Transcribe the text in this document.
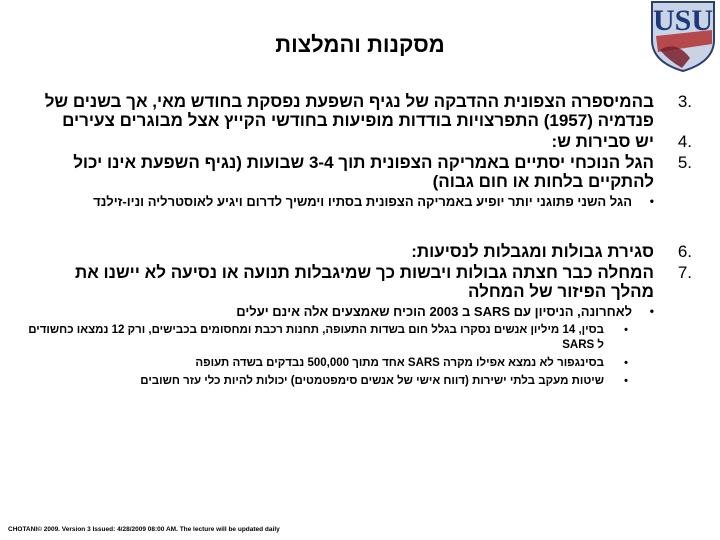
USU
מסקנות והמלצות
3.
בהמיספרה הצפונית ההדבקה של נגיף השפעת נפסקת בחודש מאי, אך בשנים של פנדמיה (1957) התפרצויות בודדות מופיעות בחודשי הקייץ אצל מבוגרים צעירים
4.
יש סבירות ש:
5.
הגל הנוכחי יסתיים באמריקה הצפונית תוך 3-4 שבועות (נגיף השפעת אינו יכול להתקיים בלחות או חום גבוה)
•
הגל השני פתוגני יותר יופיע באמריקה הצפונית בסתיו וימשיך לדרום ויגיע לאוסטרליה וניו-זילנד
6.
סגירת גבולות ומגבלות לנסיעות:
7.
המחלה כבר חצתה גבולות ויבשות כך שמיגבלות תנועה או נסיעה לא יישנו את מהלך הפיזור של המחלה
•
לאחרונה, הניסיון עם SARS ב 2003 הוכיח שאמצעים אלה אינם יעלים
•
בסין, 14 מיליון אנשים נסקרו בגלל חום בשדות התעופה, תחנות רכבת ומחסומים בכבישים, ורק 12 נמצאו כחשודים ל SARS
•
בסינגפור לא נמצא אפילו מקרה SARS אחד מתוך 500,000 נבדקים בשדה תעופה
•
שיטות מעקב בלתי ישירות (דווח אישי של אנשים סימפטמטים) יכולות להיות כלי עזר חשובים
CHOTANI© 2009. Version 3 Issued: 4/28/2009 08:00 AM. The lecture will be updated daily
